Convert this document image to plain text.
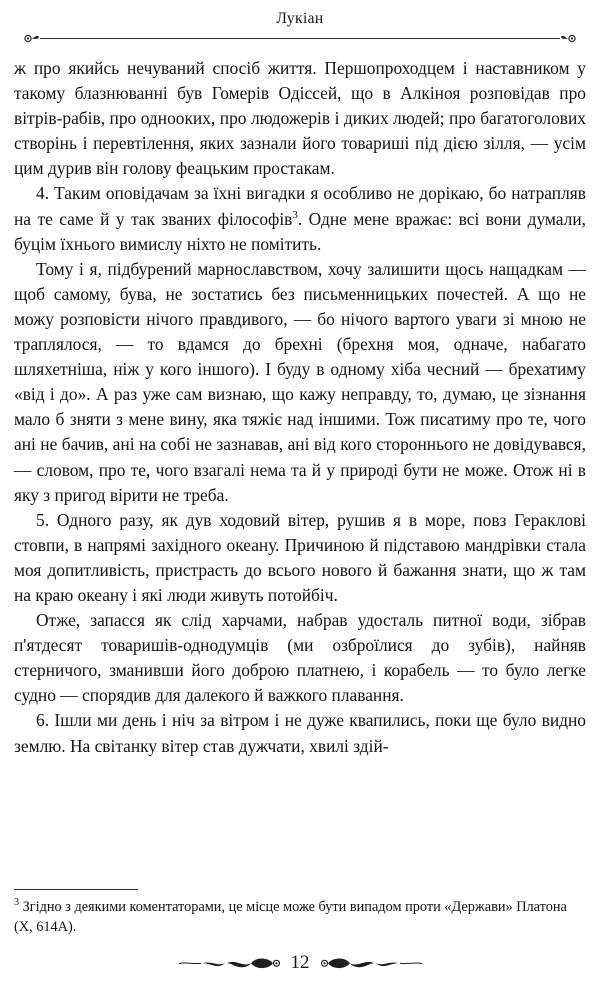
Лукіан

ж про якийсь нечуваний спосіб життя. Першопроходцем і наставником у такому блазнюванні був Гомерів Одіссей, що в Алкіноя розповідав про вітрів-рабів, про однооких, про людожерів і диких людей; про багатоголових створінь і перевтілення, яких зазнали його товариші під дією зілля, — усім цим дурив він голову феацьким простакам.

4. Таким оповідачам за їхні вигадки я особливо не дорікаю, бо натрапляв на те саме й у так званих філософів$^3$. Одне мене вражає: всі вони думали, буцім їхнього вимислу ніхто не помітить.

Тому і я, підбурений марнославством, хочу залишити щось нащадкам — щоб самому, бува, не зостатись без письменницьких почестей. А що не можу розповісти нічого правдивого, — бо нічого вартого уваги зі мною не траплялося, — то вдамся до брехні (брехня моя, одначе, набагато шляхетніша, ніж у кого іншого). І буду в одному хіба чесний — брехатиму «від і до». А раз уже сам визнаю, що кажу неправду, то, думаю, це зізнання мало б зняти з мене вину, яка тяжіє над іншими. Тож писатиму про те, чого ані не бачив, ані на собі не зазнавав, ані від кого стороннього не довідувався, — словом, про те, чого взагалі нема та й у природі бути не може. Отож ні в яку з пригод вірити не треба.

5. Одного разу, як дув ходовий вітер, рушив я в море, повз Гераклові стовпи, в напрямі західного океану. Причиною й підставою мандрівки стала моя допитливість, пристрасть до всього нового й бажання знати, що ж там на краю океану і які люди живуть потойбіч.

Отже, запасся як слід харчами, набрав удосталь питної води, зібрав п'ятдесят товаришів-однодумців (ми озброїлися до зубів), найняв стерничого, зманивши його доброю платнею, і корабель — то було легке судно — спорядив для далекого й важкого плавання.

6. Ішли ми день і ніч за вітром і не дуже квапились, поки ще було видно землю. На світанку вітер став дужчати, хвилі здій-

$^3$ Згідно з деякими коментаторами, це місце може бути випадом проти «Держави» Платона (X, 614A).

12
